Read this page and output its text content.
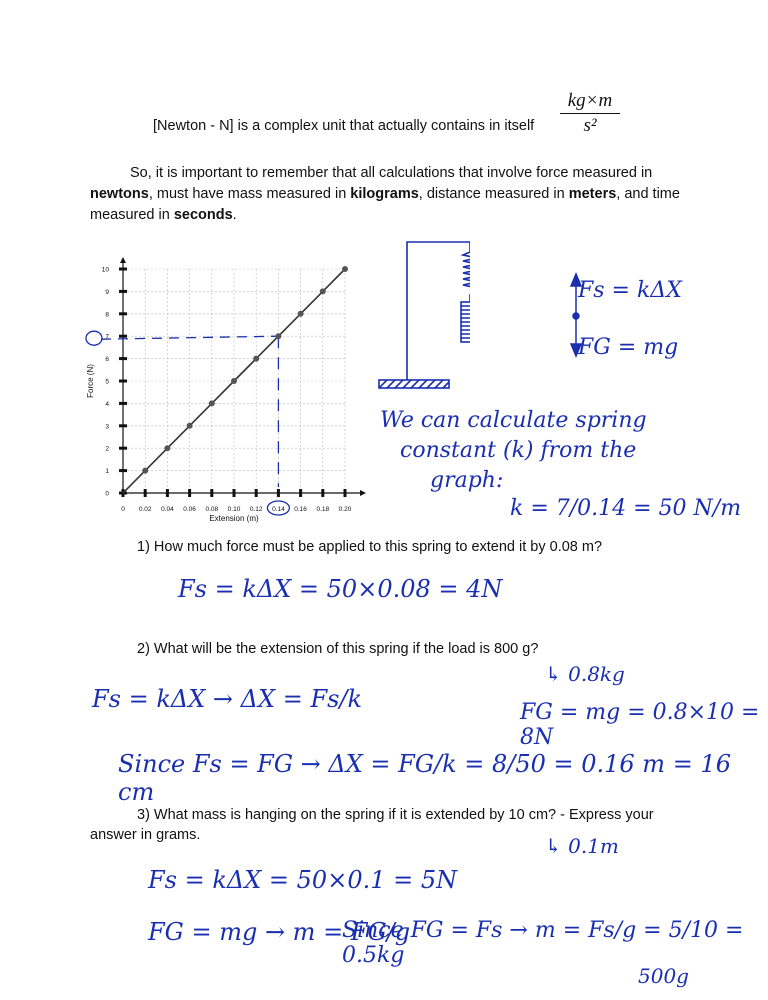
[Newton - N] is a complex unit that actually contains in itself
kg×m
s²
So, it is important to remember that all calculations that involve force measured in newtons, must have mass measured in kilograms, distance measured in meters, and time measured in seconds.
0 0.02 0.04 0.06 0.08 0.10 0.12 0.14 0.16 0.18 0.20
0
1
2
3
4
5
6
7
8
9
10
Extension (m)
Force (N)
Fs = kΔX
FG = mg
We can calculate spring
constant (k) from the
graph:
k = 7/0.14 = 50 N/m
1) How much force must be applied to this spring to extend it by 0.08 m?
Fs = kΔX = 50×0.08 = 4N
2) What will be the extension of this spring if the load is 800 g?
↳ 0.8kg
Fs = kΔX → ΔX = Fs/k	FG = mg = 0.8×10 = 8N
Since Fs = FG → ΔX = FG/k = 8/50 = 0.16 m = 16 cm
3) What mass is hanging on the spring if it is extended by 10 cm? - Express your
answer in grams.	↳ 0.1m
Fs = kΔX = 50×0.1 = 5N
FG = mg → m = FG/g
Since FG = Fs → m = Fs/g = 5/10 = 0.5kg
500g
